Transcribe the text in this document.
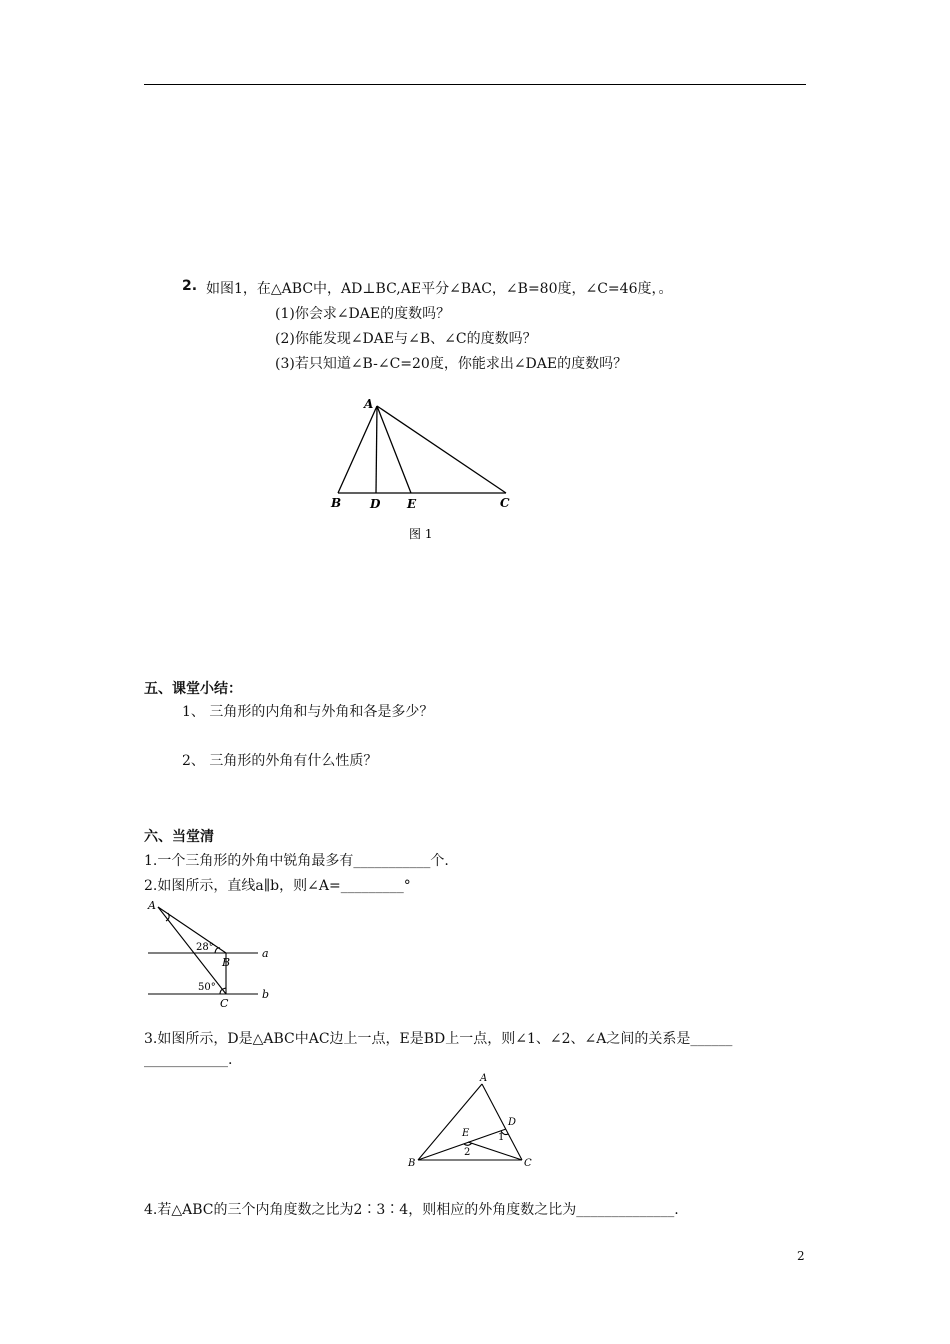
2. 如图1，在△ABC中，AD⊥BC,AE平分∠BAC，∠B=80度，∠C=46度，。
(1)你会求∠DAE的度数吗？
(2)你能发现∠DAE与∠B、∠C的度数吗？
(3)若只知道∠B-∠C=20度，你能求出∠DAE的度数吗？
A
B D E	C
图 1
五、课堂小结：
1、 三角形的内角和与外角和各是多少？
2、 三角形的外角有什么性质？
六、当堂清
1.一个三角形的外角中锐角最多有___________个.
2.如图所示，直线a∥b，则∠A=_________°
A
28°
B
a
50°
C
b
3.如图所示，D是△ABC中AC边上一点，E是BD上一点，则∠1、∠2、∠A之间的关系是______
____________.
A
D
E	1
2
B	C
4.若△ABC的三个内角度数之比为2∶3∶4，则相应的外角度数之比为______________.
2
